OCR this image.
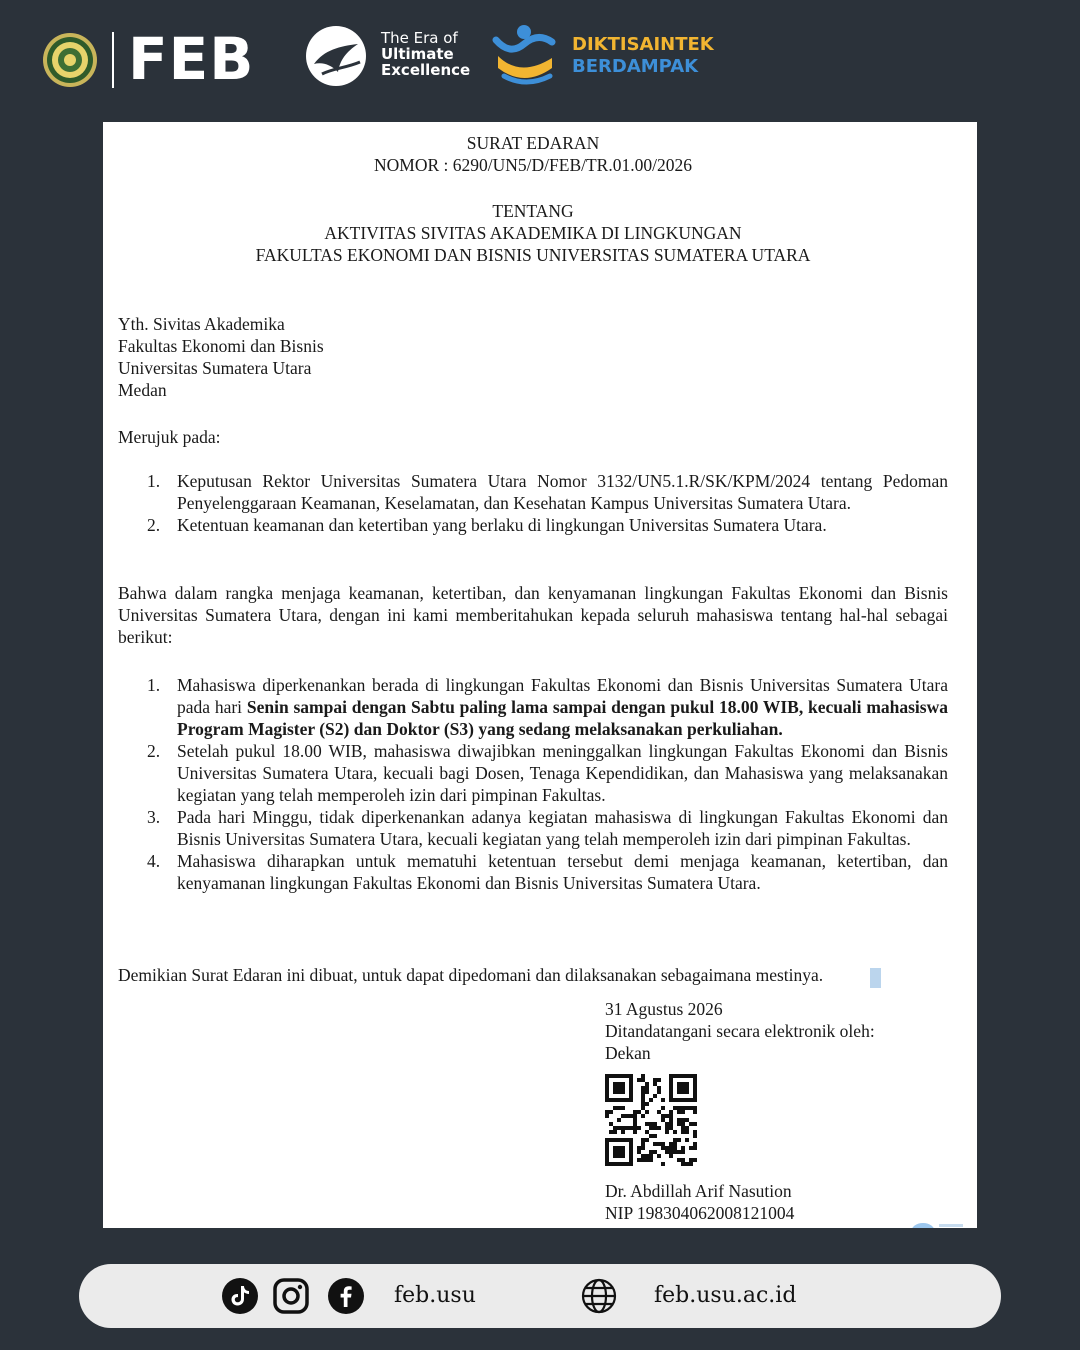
FEB	The Era of
Ultimate
Excellence
DIKTISAINTEK
BERDAMPAK
SURAT EDARAN
NOMOR : 6290/UN5/D/FEB/TR.01.00/2026
TENTANG
AKTIVITAS SIVITAS AKADEMIKA DI LINGKUNGAN
FAKULTAS EKONOMI DAN BISNIS UNIVERSITAS SUMATERA UTARA
Yth. Sivitas Akademika
Fakultas Ekonomi dan Bisnis
Universitas Sumatera Utara
Medan
Merujuk pada:
1. Keputusan Rektor Universitas Sumatera Utara Nomor 3132/UN5.1.R/SK/KPM/2024 tentang Pedoman Penyelenggaraan Keamanan, Keselamatan, dan Kesehatan Kampus Universitas Sumatera Utara.
2. Ketentuan keamanan dan ketertiban yang berlaku di lingkungan Universitas Sumatera Utara.
Bahwa dalam rangka menjaga keamanan, ketertiban, dan kenyamanan lingkungan Fakultas Ekonomi dan Bisnis Universitas Sumatera Utara, dengan ini kami memberitahukan kepada seluruh mahasiswa tentang hal-hal sebagai berikut:
1. Mahasiswa diperkenankan berada di lingkungan Fakultas Ekonomi dan Bisnis Universitas Sumatera Utara pada hari Senin sampai dengan Sabtu paling lama sampai dengan pukul 18.00 WIB, kecuali mahasiswa Program Magister (S2) dan Doktor (S3) yang sedang melaksanakan perkuliahan.
2. Setelah pukul 18.00 WIB, mahasiswa diwajibkan meninggalkan lingkungan Fakultas Ekonomi dan Bisnis Universitas Sumatera Utara, kecuali bagi Dosen, Tenaga Kependidikan, dan Mahasiswa yang melaksanakan kegiatan yang telah memperoleh izin dari pimpinan Fakultas.
3. Pada hari Minggu, tidak diperkenankan adanya kegiatan mahasiswa di lingkungan Fakultas Ekonomi dan Bisnis Universitas Sumatera Utara, kecuali kegiatan yang telah memperoleh izin dari pimpinan Fakultas.
4. Mahasiswa diharapkan untuk mematuhi ketentuan tersebut demi menjaga keamanan, ketertiban, dan kenyamanan lingkungan Fakultas Ekonomi dan Bisnis Universitas Sumatera Utara.
Demikian Surat Edaran ini dibuat, untuk dapat dipedomani dan dilaksanakan sebagaimana mestinya.
31 Agustus 2026
Ditandatangani secara elektronik oleh:
Dekan
Dr. Abdillah Arif Nasution
NIP 198304062008121004
feb.usu	feb.usu.ac.id
